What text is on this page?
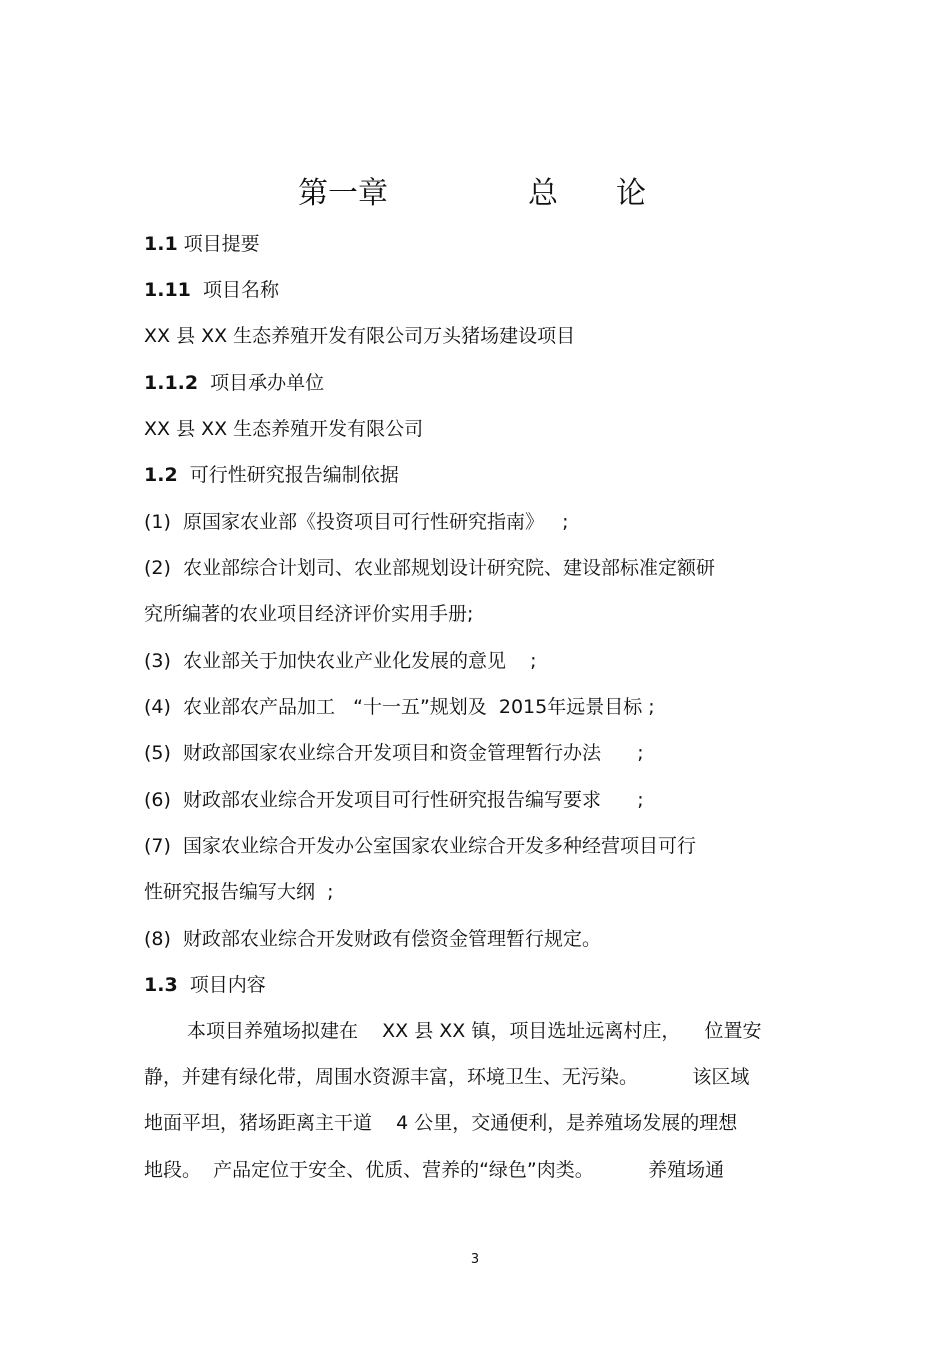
第一章	总 论
1.1 项目提要
1.11 项目名称
XX 县 XX 生态养殖开发有限公司万头猪场建设项目
1.1.2 项目承办单位
XX 县 XX 生态养殖开发有限公司
1.2 可行性研究报告编制依据
(1)  原国家农业部《投资项目可行性研究指南》   ;
(2)  农业部综合计划司、农业部规划设计研究院、建设部标准定额研
究所编著的农业项目经济评价实用手册;
(3)  农业部关于加快农业产业化发展的意见    ;
(4)  农业部农产品加工   “十一五”规划及  2015年远景目标 ;
(5)  财政部国家农业综合开发项目和资金管理暂行办法      ;
(6)  财政部农业综合开发项目可行性研究报告编写要求      ;
(7)  国家农业综合开发办公室国家农业综合开发多种经营项目可行
性研究报告编写大纲  ;
(8)  财政部农业综合开发财政有偿资金管理暂行规定。
1.3 项目内容
本项目养殖场拟建在    XX 县 XX 镇，项目选址远离村庄，    位置安
静，并建有绿化带，周围水资源丰富，环境卫生、无污染。         该区域
地面平坦，猪场距离主干道    4 公里，交通便利，是养殖场发展的理想
地段。  产品定位于安全、优质、营养的“绿色”肉类。         养殖场通
3
